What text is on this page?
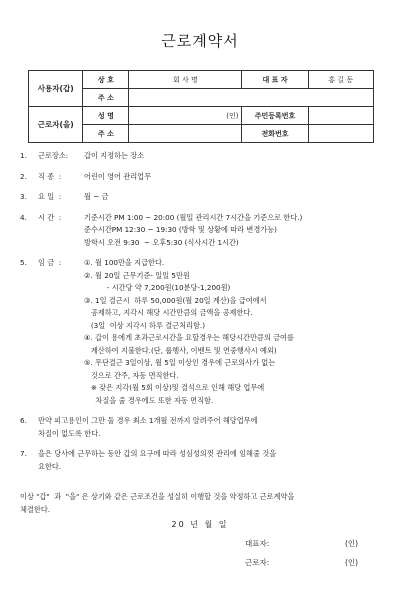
근로계약서
사용자(갑)	상 호	회 사 명	대 표 자	홍 길 동
	주 소			
근로자(을)	성 명	(인)	주민등록번호	
	주 소		전화번호	
1.	근로장소:	갑이 지정하는 장소
2.	직 종  :	어린이 영어 관리업무
3.	요 일  :	월 ~ 금
4.	시 간  :	기준시간 PM 1:00 ~ 20:00 (월일 관리시간 7시간을 기준으로 한다.)
준수시간PM 12:30 ~ 19:30 (방학 및 상황에 따라 변경가능)
방학시 오전 9:30  ~ 오후5:30 (식사시간 1시간)
5.	임 금  :	①. 월 100만을 지급한다.
②. 월 20일 근무기준- 일일 5만원
- 시간당 약 7,200원(10분당-1,200원)
③. 1일 결근시  하루 50,000원(월 20일 계산)을 급여에서
공제하고, 지각시 해당 시간만큼의 금액을 공제한다.
(3일  이상 지각시 하루 결근처리함.)
④. 갑이 용에게 초과근로시간을 요할경우는 해당시간만큼의 금여를
계산하여 지불한다.(단, 룹행사, 이벤트 및 연중행사시 예외)
⑤. 무단결근 3일이상, 월 5일 이상인 경우에 근로의사가 없는
것으로 간주, 자동 면직한다.
※ 잦은 지각(월 5회 이상)및 결석으로 인해 해당 업무에
차질을 줄 경우에도 또한 자동 면직함.
6.	만약 피고용인이 그만 둘 경우 최소 1개월 전까지 알려주어 해당업무에
차질이 없도록 한다.
7.	을은 당사에 근무하는 동안 갑의 요구에 따라 성심성의껏 관리에 임해줄 것을
요한다.
이상 "갑"  과  "을" 은 상기와 같은 근로조건을 성실히 이행할 것을 약정하고 근로계약을
체결한다.
20 년 월 일
대표자:	(인)
근로자:	(인)
